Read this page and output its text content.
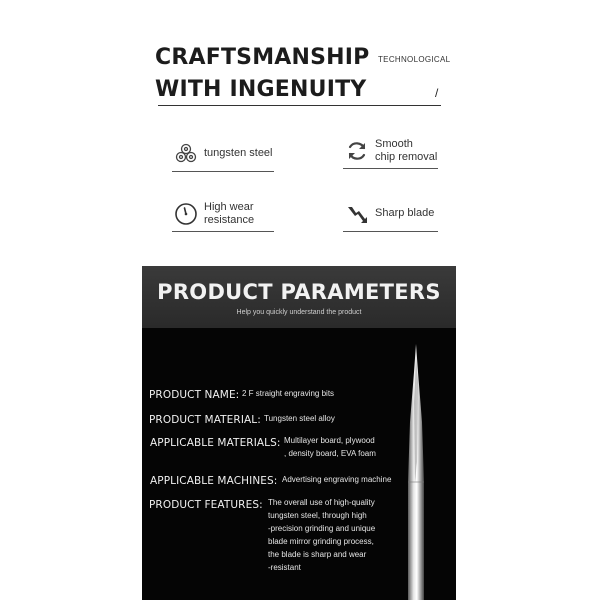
CRAFTSMANSHIP
WITH INGENUITY
TECHNOLOGICAL
/
tungsten steel
Smooth
chip removal
High wear
resistance
Sharp blade
PRODUCT PARAMETERS
Help you quickly understand the product
PRODUCT NAME: 2 F straight engraving bits
PRODUCT MATERIAL: Tungsten steel alloy
APPLICABLE MATERIALS: Multilayer board, plywood
, density board, EVA foam
APPLICABLE MACHINES: Advertising engraving machine
PRODUCT FEATURES: The overall use of high-quality
tungsten steel, through high
-precision grinding and unique
blade mirror grinding process,
the blade is sharp and wear
-resistant
